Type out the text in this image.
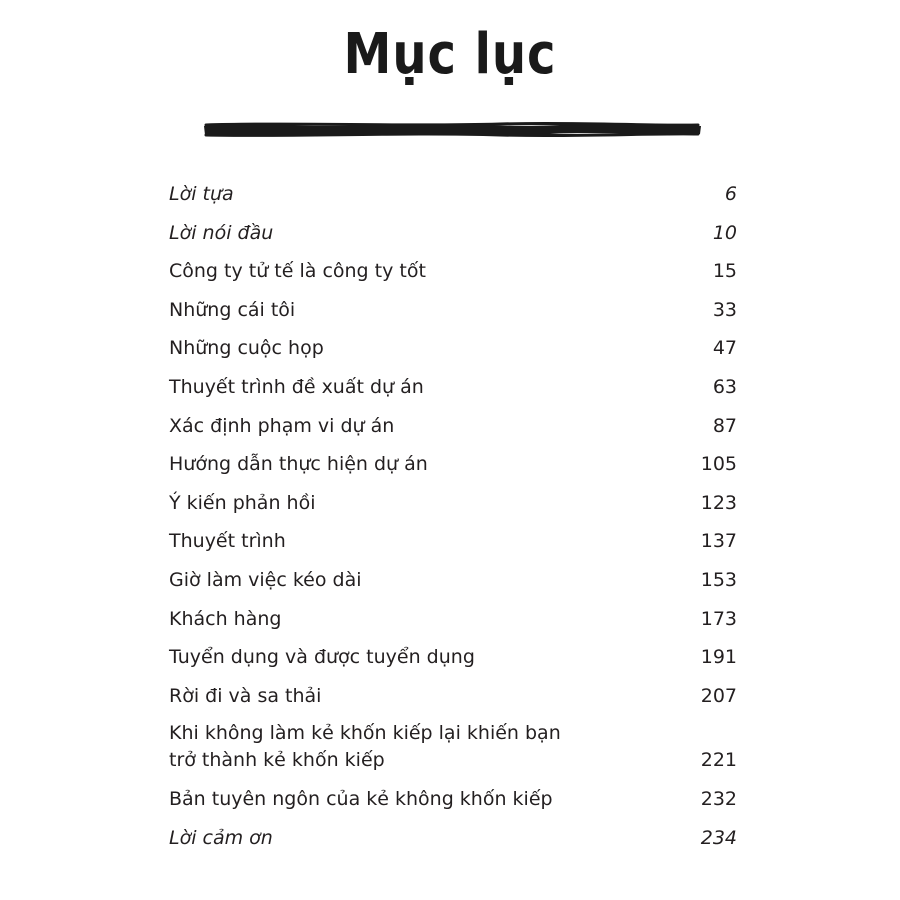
Mục lục
Lời tựa	6
Lời nói đầu	10
Công ty tử tế là công ty tốt	15
Những cái tôi	33
Những cuộc họp	47
Thuyết trình đề xuất dự án	63
Xác định phạm vi dự án	87
Hướng dẫn thực hiện dự án	105
Ý kiến phản hồi	123
Thuyết trình	137
Giờ làm việc kéo dài	153
Khách hàng	173
Tuyển dụng và được tuyển dụng	191
Rời đi và sa thải	207
Khi không làm kẻ khốn kiếp lại khiến bạn
trở thành kẻ khốn kiếp	221
Bản tuyên ngôn của kẻ không khốn kiếp	232
Lời cảm ơn	234
